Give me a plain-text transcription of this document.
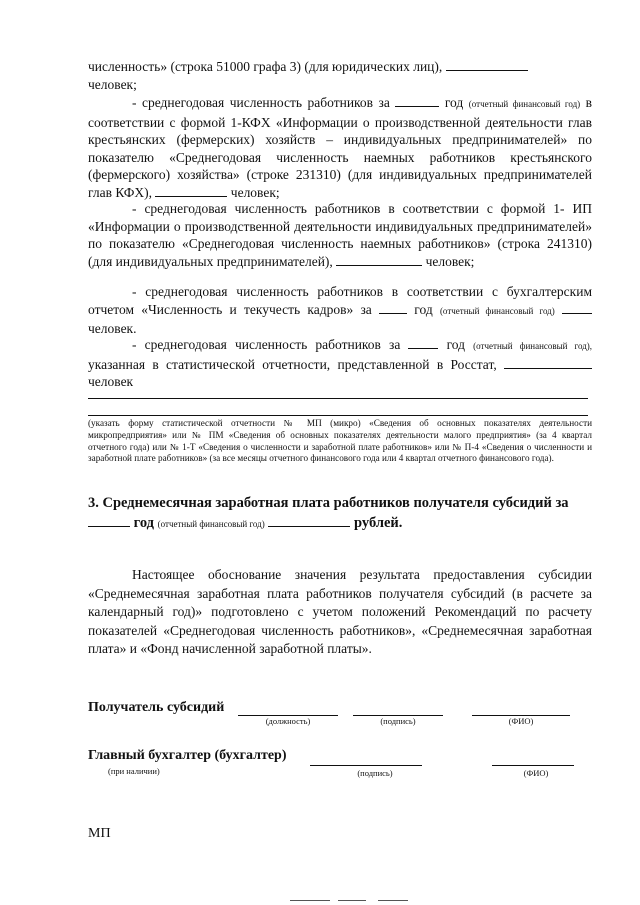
численность» (строка 51000 графа 3) (для юридических лиц),
человек;

- среднегодовая численность работников за	год (отчетный финансовый год) в соответствии с формой 1-КФХ «Информации о производственной деятельности глав крестьянских (фермерских) хозяйств – индивидуальных предпринимателей» по показателю «Среднегодовая численность наемных работников крестьянского (фермерского) хозяйства» (строке 231310) (для индивидуальных предпринимателей глав КФХ),	человек;

- среднегодовая численность работников в соответствии с формой 1- ИП «Информации о производственной деятельности индивидуальных предпринимателей» по показателю «Среднегодовая численность наемных работников» (строка 241310) (для индивидуальных предпринимателей),	человек;

- среднегодовая численность работников в соответствии с бухгалтерским отчетом «Численность и текучесть кадров» за	год (отчетный финансовый год)  человек.

- среднегодовая численность работников за	год (отчетный финансовый год), указанная в статистической отчетности, представленной в Росстат,  человек

(указать форму статистической отчетности № МП (микро) «Сведения об основных показателях деятельности микропредприятия» или № ПМ «Сведения об основных показателях деятельности малого предприятия» (за 4 квартал отчетного года) или № 1-Т «Сведения о численности и заработной плате работников» или № П-4 «Сведения о численности и заработной плате работников» (за все месяцы отчетного финансового года или 4 квартал отчетного финансового года).

3. Среднемесячная заработная плата работников получателя субсидий за
год (отчетный финансовый год)	рублей.

Настоящее обоснование значения результата предоставления субсидии «Среднемесячная заработная плата работников получателя субсидий (в расчете за календарный год)» подготовлено с учетом положений Рекомендаций по расчету показателей «Среднегодовая численность работников», «Среднемесячная заработная плата» и «Фонд начисленной заработной платы».

Получатель субсидий
(должность)	(подпись)	(ФИО)
Главный бухгалтер (бухгалтер)
(при наличии)	(подпись)	(ФИО)
МП
